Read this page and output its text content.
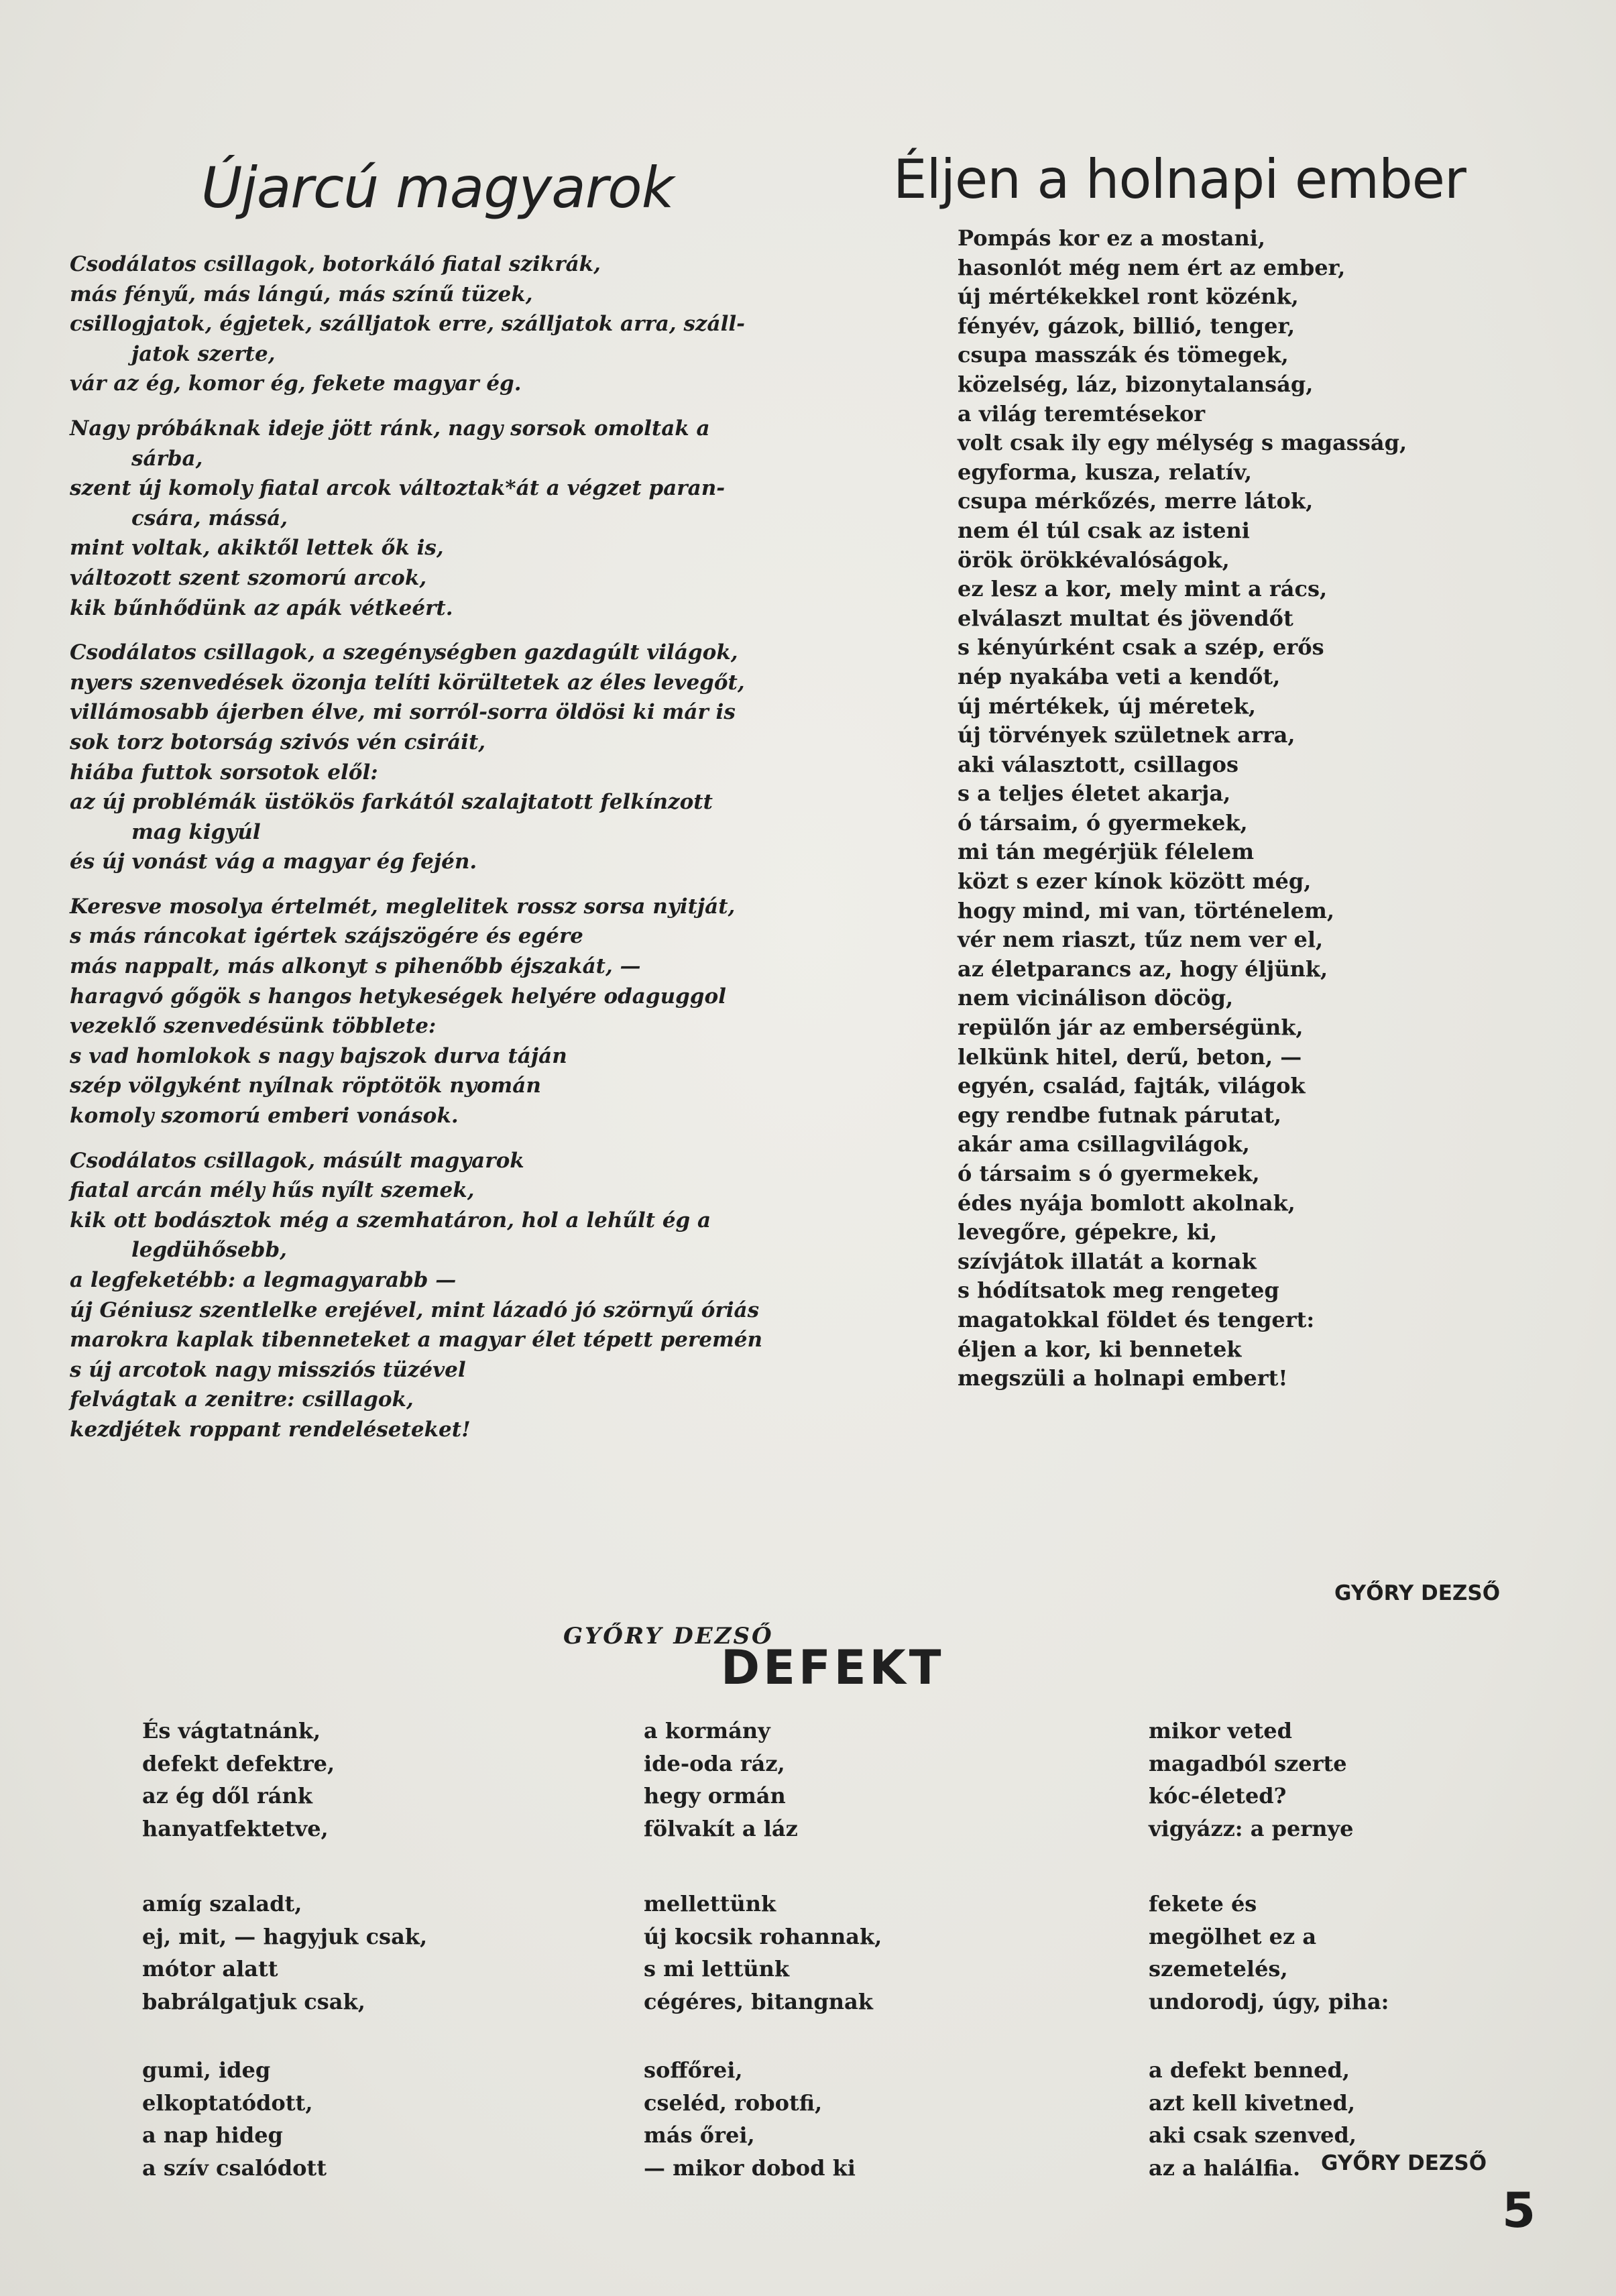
Újarcú magyarok	Éljen a holnapi ember
Csodálatos csillagok, botorkáló fiatal szikrák,
más fényű, más lángú, más színű tüzek,
csillogjatok, égjetek, szálljatok erre, szálljatok arra, száll-
jatok szerte,
vár az ég, komor ég, fekete magyar ég.
Nagy próbáknak ideje jött ránk, nagy sorsok omoltak a
sárba,
szent új komoly fiatal arcok változtak*át a végzet paran-
csára, mássá,
mint voltak, akiktől lettek ők is,
változott szent szomorú arcok,
kik bűnhődünk az apák vétkeért.
Csodálatos csillagok, a szegénységben gazdagúlt világok,
nyers szenvedések özonja telíti körültetek az éles levegőt,
villámosabb ájerben élve, mi sorról-sorra öldösi ki már is
sok torz botorság szivós vén csiráit,
hiába futtok sorsotok elől:
az új problémák üstökös farkától szalajtatott felkínzott
mag kigyúl
és új vonást vág a magyar ég fején.
Keresve mosolya értelmét, meglelitek rossz sorsa nyitját,
s más ráncokat igértek szájszögére és egére
más nappalt, más alkonyt s pihenőbb éjszakát, —
haragvó gőgök s hangos hetykeségek helyére odaguggol
vezeklő szenvedésünk többlete:
s vad homlokok s nagy bajszok durva táján
szép völgyként nyílnak röptötök nyomán
komoly szomorú emberi vonások.
Csodálatos csillagok, másúlt magyarok
fiatal arcán mély hűs nyílt szemek,
kik ott bodásztok még a szemhatáron, hol a lehűlt ég a
legdühősebb,
a legfeketébb: a legmagyarabb —
új Géniusz szentlelke erejével, mint lázadó jó szörnyű óriás
marokra kaplak tibenneteket a magyar élet tépett peremén
s új arcotok nagy missziós tüzével
felvágtak a zenitre: csillagok,
kezdjétek roppant rendeléseteket!
GYŐRY DEZSŐ
Pompás kor ez a mostani,
hasonlót még nem ért az ember,
új mértékekkel ront közénk,
fényév, gázok, billió, tenger,
csupa masszák és tömegek,
közelség, láz, bizonytalanság,
a világ teremtésekor
volt csak ily egy mélység s magasság,
egyforma, kusza, relatív,
csupa mérkőzés, merre látok,
nem él túl csak az isteni
örök örökkévalóságok,
ez lesz a kor, mely mint a rács,
elválaszt multat és jövendőt
s kényúrként csak a szép, erős
nép nyakába veti a kendőt,
új mértékek, új méretek,
új törvények születnek arra,
aki választott, csillagos
s a teljes életet akarja,
ó társaim, ó gyermekek,
mi tán megérjük félelem
közt s ezer kínok között még,
hogy mind, mi van, történelem,
vér nem riaszt, tűz nem ver el,
az életparancs az, hogy éljünk,
nem vicinálison döcög,
repülőn jár az emberségünk,
lelkünk hitel, derű, beton, —
egyén, család, fajták, világok
egy rendbe futnak párutat,
akár ama csillagvilágok,
ó társaim s ó gyermekek,
édes nyája bomlott akolnak,
levegőre, gépekre, ki,
szívjátok illatát a kornak
s hódítsatok meg rengeteg
magatokkal földet és tengert:
éljen a kor, ki bennetek
megszüli a holnapi embert!
GYŐRY DEZSŐ
DEFEKT
És vágtatnánk,
defekt defektre,
az ég dől ránk
hanyatfektetve,
amíg szaladt,
ej, mit, — hagyjuk csak,
mótor alatt
babrálgatjuk csak,
gumi, ideg
elkoptatódott,
a nap hideg
a szív csalódott
a kormány
ide-oda ráz,
hegy ormán
fölvakít a láz
mellettünk
új kocsik rohannak,
s mi lettünk
cégéres, bitangnak
soffőrei,
cseléd, robotfi,
más őrei,
— mikor dobod ki
mikor veted
magadból szerte
kóc-életed?
vigyázz: a pernye
fekete és
megölhet ez a
szemetelés,
undorodj, úgy, piha:
a defekt benned,
azt kell kivetned,
aki csak szenved,
az a halálfia. GYŐRY DEZSŐ
5
